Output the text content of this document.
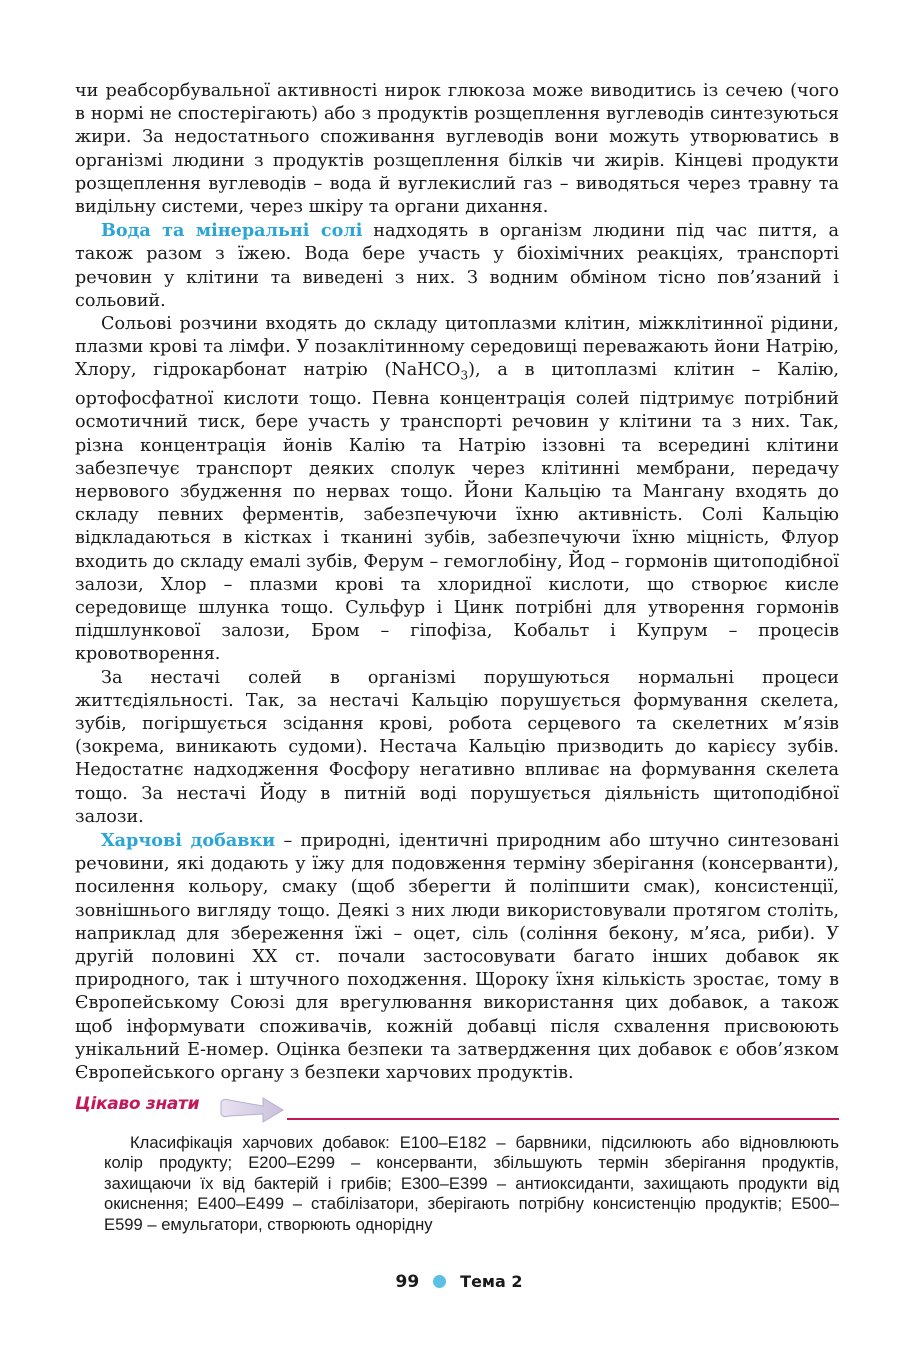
чи реабсорбувальної активності нирок глюкоза може виводитись із сечею (чого в нормі не спостерігають) або з продуктів розщеплення вуглеводів синтезуються жири. За недостатнього споживання вуглеводів вони можуть утворюватись в організмі людини з продуктів розщеплення білків чи жирів. Кінцеві продукти розщеплення вуглеводів – вода й вуглекислий газ – виводяться через травну та видільну системи, через шкіру та органи дихання.

Вода та мінеральні солі надходять в організм людини під час пиття, а також разом з їжею. Вода бере участь у біохімічних реакціях, транспорті речовин у клітини та виведені з них. З водним обміном тісно пов’язаний і сольовий.

Сольові розчини входять до складу цитоплазми клітин, міжклітинної рідини, плазми крові та лімфи. У позаклітинному середовищі переважають йони Натрію, Хлору, гідрокарбонат натрію (NaHCO$_3$), а в цитоплазмі клітин – Калію, ортофосфатної кислоти тощо. Певна концентрація солей підтримує потрібний осмотичний тиск, бере участь у транспорті речовин у клітини та з них. Так, різна концентрація йонів Калію та Натрію іззовні та всередині клітини забезпечує транспорт деяких сполук через клітинні мембрани, передачу нервового збудження по нервах тощо. Йони Кальцію та Мангану входять до складу певних ферментів, забезпечуючи їхню активність. Солі Кальцію відкладаються в кістках і тканині зубів, забезпечуючи їхню міцність, Флуор входить до складу емалі зубів, Ферум – гемоглобіну, Йод – гормонів щитоподібної залози, Хлор – плазми крові та хлоридної кислоти, що створює кисле середовище шлунка тощо. Сульфур і Цинк потрібні для утворення гормонів підшлункової залози, Бром – гіпофіза, Кобальт і Купрум – процесів кровотворення.

За нестачі солей в організмі порушуються нормальні процеси життєдіяльності. Так, за нестачі Кальцію порушується формування скелета, зубів, погіршується зсідання крові, робота серцевого та скелетних м’язів (зокрема, виникають судоми). Нестача Кальцію призводить до карієсу зубів. Недостатнє надходження Фосфору негативно впливає на формування скелета тощо. За нестачі Йоду в питній воді порушується діяльність щитоподібної залози.

Харчові добавки – природні, ідентичні природним або штучно синтезовані речовини, які додають у їжу для подовження терміну зберігання (консерванти), посилення кольору, смаку (щоб зберегти й поліпшити смак), консистенції, зовнішнього вигляду тощо. Деякі з них люди використовували протягом століть, наприклад для збереження їжі – оцет, сіль (соління бекону, м’яса, риби). У другій половині XX ст. почали застосовувати багато інших добавок як природного, так і штучного походження. Щороку їхня кількість зростає, тому в Європейському Союзі для врегулювання використання цих добавок, а також щоб інформувати споживачів, кожній добавці після схвалення присвоюють унікальний Е-номер. Оцінка безпеки та затвердження цих добавок є обов’язком Європейського органу з безпеки харчових продуктів.

Цікаво знати

Класифікація харчових добавок: Е100–Е182 – барвники, підсилюють або відновлюють колір продукту; Е200–Е299 – консерванти, збільшують термін зберігання продуктів, захищаючи їх від бактерій і грибів; Е300–Е399 – антиоксиданти, захищають продукти від окиснення; Е400–Е499 – стабілізатори, зберігають потрібну консистенцію продуктів; Е500–Е599 – емульгатори, створюють однорідну

99	Тема 2
